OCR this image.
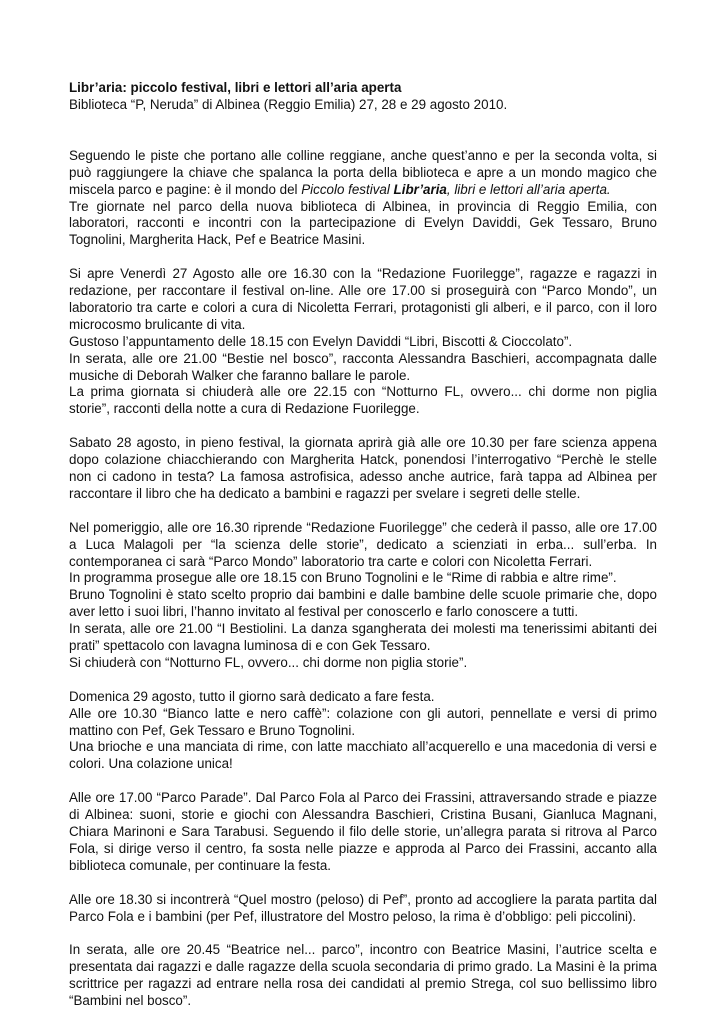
Libr’aria: piccolo festival, libri e lettori all’aria aperta
Biblioteca “P, Neruda” di Albinea (Reggio Emilia) 27, 28 e 29 agosto 2010.

Seguendo le piste che portano alle colline reggiane, anche quest’anno e per la seconda volta, si può raggiungere la chiave che spalanca la porta della biblioteca e apre a un mondo magico che miscela parco e pagine: è il mondo del Piccolo festival Libr’aria, libri e lettori all’aria aperta.
Tre giornate nel parco della nuova biblioteca di Albinea, in provincia di Reggio Emilia, con laboratori, racconti e incontri con la partecipazione di Evelyn Daviddi, Gek Tessaro, Bruno Tognolini, Margherita Hack, Pef e Beatrice Masini.

Si apre Venerdì 27 Agosto alle ore 16.30 con la “Redazione Fuorilegge”, ragazze e ragazzi in redazione, per raccontare il festival on-line. Alle ore 17.00 si proseguirà con “Parco Mondo”, un laboratorio tra carte e colori a cura di Nicoletta Ferrari, protagonisti gli alberi, e il parco, con il loro microcosmo brulicante di vita.
Gustoso l’appuntamento delle 18.15 con Evelyn Daviddi “Libri, Biscotti & Cioccolato”.
In serata, alle ore 21.00 “Bestie nel bosco”, racconta Alessandra Baschieri, accompagnata dalle musiche di Deborah Walker che faranno ballare le parole.
La prima giornata si chiuderà alle ore 22.15 con “Notturno FL, ovvero... chi dorme non piglia storie”, racconti della notte a cura di Redazione Fuorilegge.

Sabato 28 agosto, in pieno festival, la giornata aprirà già alle ore 10.30 per fare scienza appena dopo colazione chiacchierando con Margherita Hatck, ponendosi l’interrogativo “Perchè le stelle non ci cadono in testa? La famosa astrofisica, adesso anche autrice, farà tappa ad Albinea per raccontare il libro che ha dedicato a bambini e ragazzi per svelare i segreti delle stelle.

Nel pomeriggio, alle ore 16.30 riprende “Redazione Fuorilegge” che cederà il passo, alle ore 17.00 a Luca Malagoli per “la scienza delle storie”, dedicato a scienziati in erba... sull’erba. In contemporanea ci sarà “Parco Mondo” laboratorio tra carte e colori con Nicoletta Ferrari.
In programma prosegue alle ore 18.15 con Bruno Tognolini e le “Rime di rabbia e altre rime”.
Bruno Tognolini è stato scelto proprio dai bambini e dalle bambine delle scuole primarie che, dopo aver letto i suoi libri, l’hanno invitato al festival per conoscerlo e farlo conoscere a tutti.
In serata, alle ore 21.00 “I Bestiolini. La danza sgangherata dei molesti ma tenerissimi abitanti dei prati” spettacolo con lavagna luminosa di e con Gek Tessaro.
Si chiuderà con “Notturno FL, ovvero... chi dorme non piglia storie”.

Domenica 29 agosto, tutto il giorno sarà dedicato a fare festa.
Alle ore 10.30 “Bianco latte e nero caffè”: colazione con gli autori, pennellate e versi di primo mattino con Pef, Gek Tessaro e Bruno Tognolini.
Una brioche e una manciata di rime, con latte macchiato all’acquerello e una macedonia di versi e colori. Una colazione unica!

Alle ore 17.00 “Parco Parade”. Dal Parco Fola al Parco dei Frassini, attraversando strade e piazze di Albinea: suoni, storie e giochi con Alessandra Baschieri, Cristina Busani, Gianluca Magnani, Chiara Marinoni e Sara Tarabusi. Seguendo il filo delle storie, un’allegra parata si ritrova al Parco Fola, si dirige verso il centro, fa sosta nelle piazze e approda al Parco dei Frassini, accanto alla biblioteca comunale, per continuare la festa.

Alle ore 18.30 si incontrerà “Quel mostro (peloso) di Pef”, pronto ad accogliere la parata partita dal Parco Fola e i bambini (per Pef, illustratore del Mostro peloso, la rima è d’obbligo: peli piccolini).

In serata, alle ore 20.45 “Beatrice nel... parco”, incontro con Beatrice Masini, l’autrice scelta e presentata dai ragazzi e dalle ragazze della scuola secondaria di primo grado. La Masini è la prima scrittrice per ragazzi ad entrare nella rosa dei candidati al premio Strega, col suo bellissimo libro “Bambini nel bosco”.
